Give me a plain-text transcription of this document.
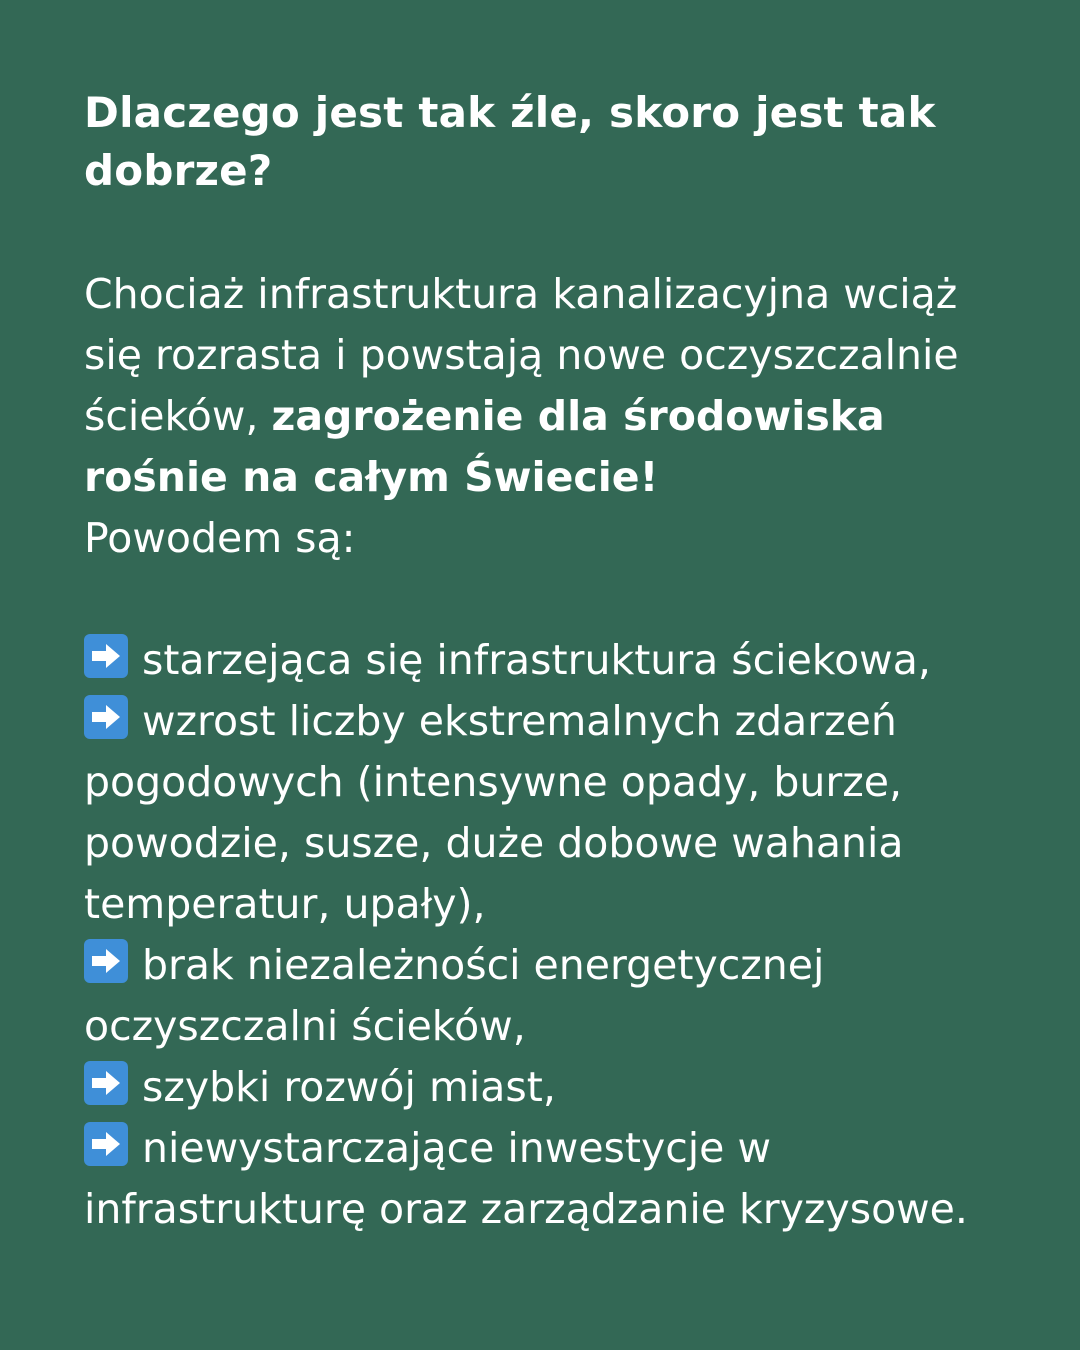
Dlaczego jest tak źle, skoro jest tak dobrze?

Chociaż infrastruktura kanalizacyjna wciąż się rozrasta i powstają nowe oczyszczalnie ścieków, zagrożenie dla środowiska rośnie na całym Świecie!
Powodem są:

starzejąca się infrastruktura ściekowa,
wzrost liczby ekstremalnych zdarzeń pogodowych (intensywne opady, burze, powodzie, susze, duże dobowe wahania temperatur, upały),
brak niezależności energetycznej oczyszczalni ścieków,
szybki rozwój miast,
niewystarczające inwestycje w infrastrukturę oraz zarządzanie kryzysowe.
